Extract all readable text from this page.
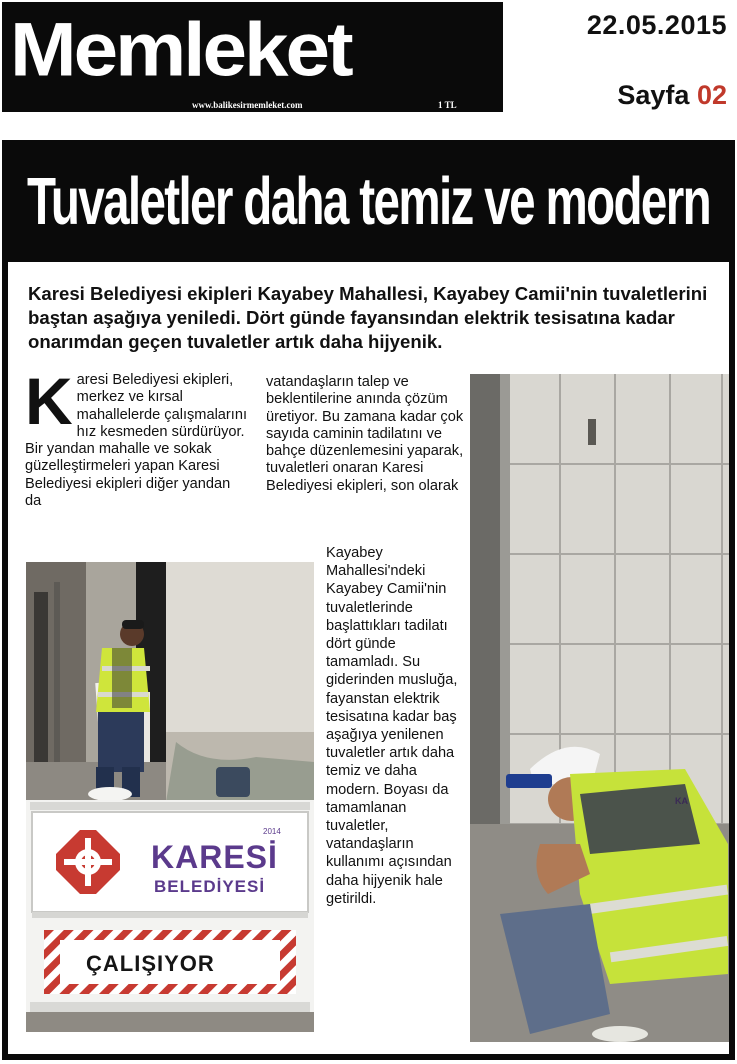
Memleket
www.balikesirmemleket.com	1 TL
22.05.2015
Sayfa 02
Tuvaletler daha temiz ve modern
Karesi Belediyesi ekipleri Kayabey Mahallesi, Kayabey Camii'nin tuvaletlerini baştan aşağıya yeniledi. Dört günde fayansından elektrik tesisatına kadar onarımdan geçen tuvaletler artık daha hijyenik.
Karesi Belediyesi ekipleri, merkez ve kırsal mahallelerde çalışmalarını hız kesmeden sürdürüyor. Bir yandan mahalle ve sokak güzelleştirmeleri yapan Karesi Belediyesi ekipleri diğer yandan da
vatandaşların talep ve beklentilerine anında çözüm üretiyor. Bu zamana kadar çok sayıda caminin tadilatını ve bahçe düzenlemesini yaparak, tuvaletleri onaran Karesi Belediyesi ekipleri, son olarak
Kayabey Mahallesi'ndeki Kayabey Camii'nin tuvaletlerinde başlattıkları tadilatı dört günde tamamladı. Su giderinden musluğa, fayanstan elektrik tesisatına kadar baş aşağıya yenilenen tuvaletler artık daha temiz ve daha modern. Boyası da tamamlanan tuvaletler, vatandaşların kullanımı açısından daha hijyenik hale getirildi.
KARESİ
BELEDİYESİ
2014
ÇALIŞIYOR
KA
